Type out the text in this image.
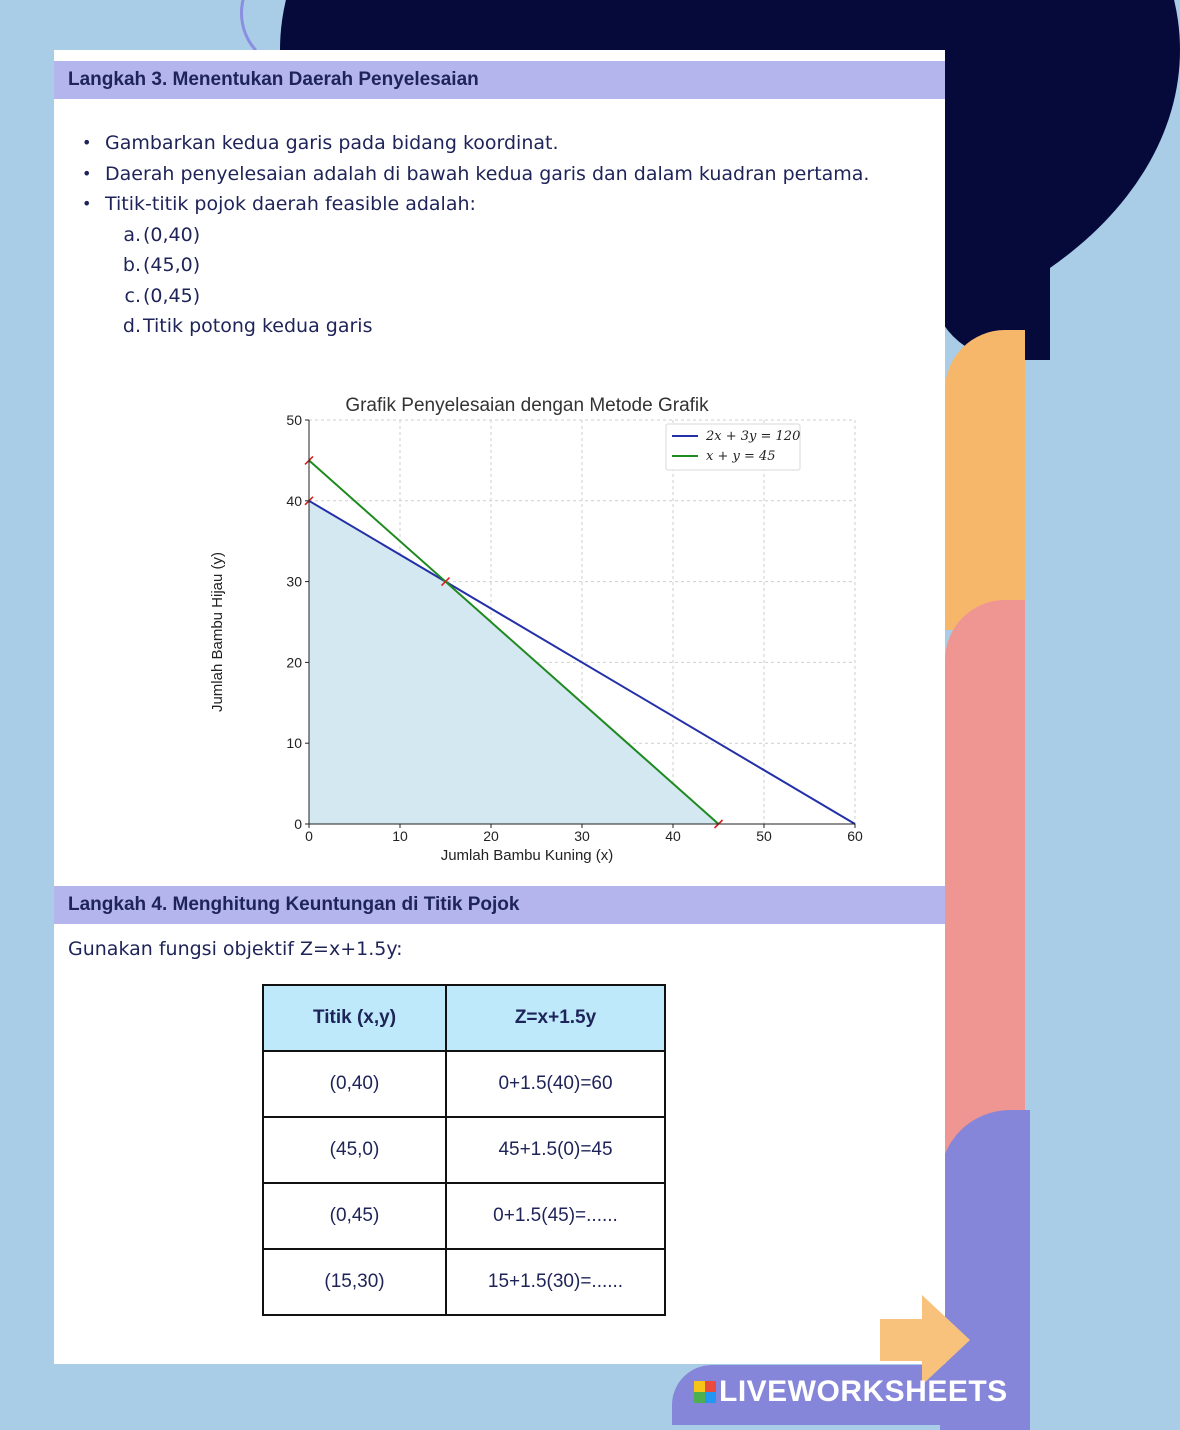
Langkah 3. Menentukan Daerah Penyelesaian
• Gambarkan kedua garis pada bidang koordinat.
• Daerah penyelesaian adalah di bawah kedua garis dan dalam kuadran pertama.
• Titik-titik pojok daerah feasible adalah:
a. (0,40)
b. (45,0)
c. (0,45)
d. Titik potong kedua garis
0	10	20	30	40	50	60
0
10
20
30
40
50
Grafik Penyelesaian dengan Metode Grafik
Jumlah Bambu Kuning (x)
Jumlah Bambu Hijau (y)
2x + 3y = 120
x + y = 45
Langkah 4. Menghitung Keuntungan di Titik Pojok
Gunakan fungsi objektif Z=x+1.5y:
Titik (x,y)	Z=x+1.5y
(0,40)	0+1.5(40)=60
(45,0)	45+1.5(0)=45
(0,45)	0+1.5(45)=......
(15,30)	15+1.5(30)=......
LIVEWORKSHEETS
